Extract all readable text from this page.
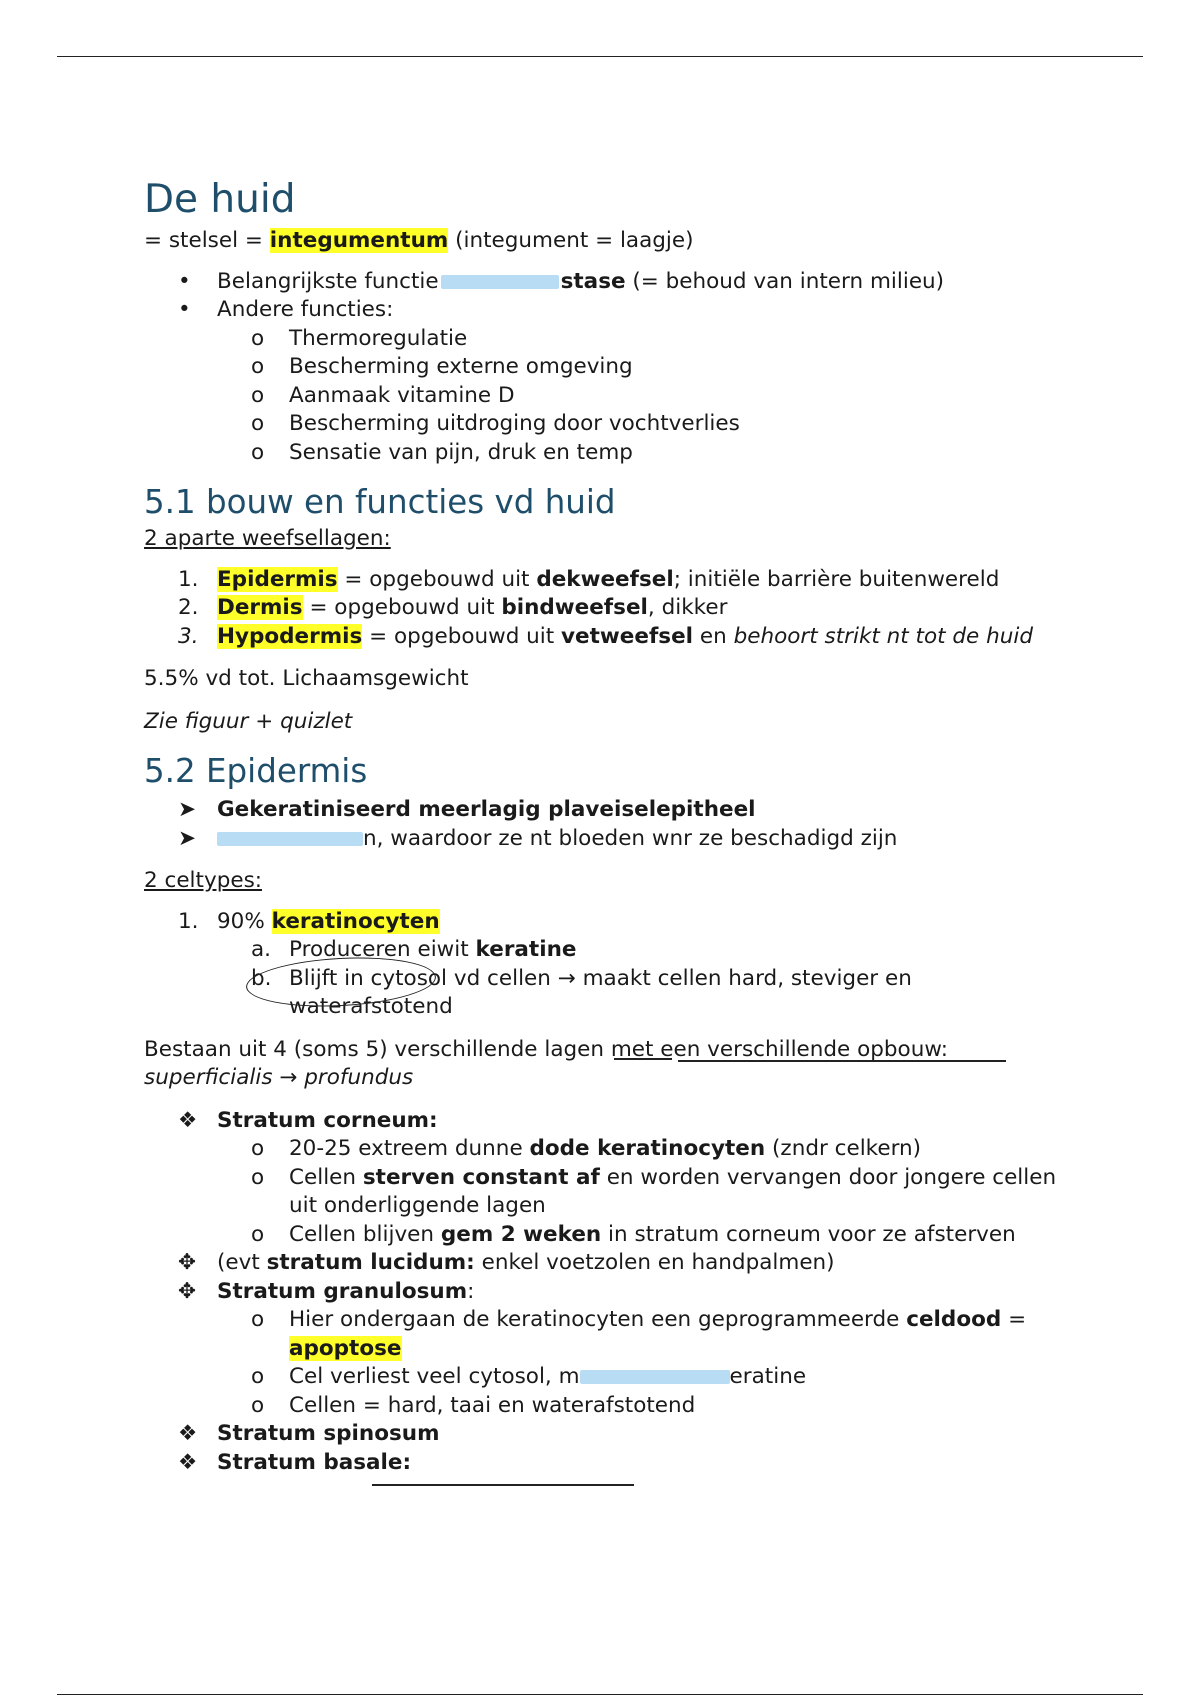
De huid

= stelsel = integumentum (integument = laagje)

•	Belangrijkste functie	stase (= behoud van intern milieu)
•	Andere functies:
o Thermoregulatie
o Bescherming externe omgeving
o Aanmaak vitamine D
o Bescherming uitdroging door vochtverlies
o Sensatie van pijn, druk en temp
5.1 bouw en functies vd huid

2 aparte weefsellagen:

1. Epidermis = opgebouwd uit dekweefsel; initiële barrière buitenwereld
2. Dermis = opgebouwd uit bindweefsel, dikker
3. Hypodermis = opgebouwd uit vetweefsel en behoort strikt nt tot de huid

5.5% vd tot. Lichaamsgewicht

Zie figuur + quizlet

5.2 Epidermis
➤ Gekeratiniseerd meerlagig plaveiselepitheel
➤	n, waardoor ze nt bloeden wnr ze beschadigd zijn

2 celtypes:

1. 90% keratinocyten
a. Produceren eiwit keratine
b. Blijft in cytosol vd cellen → maakt cellen hard, steviger en waterafstotend

Bestaan uit 4 (soms 5) verschillende lagen met een verschillende opbouw:
superficialis → profundus

❖ Stratum corneum:
o 20-25 extreem dunne dode keratinocyten (zndr celkern)
o Cellen sterven constant af en worden vervangen door jongere cellen uit onderliggende lagen
o Cellen blijven gem 2 weken in stratum corneum voor ze afsterven
✥ (evt stratum lucidum: enkel voetzolen en handpalmen)
✥ Stratum granulosum:
o Hier ondergaan de keratinocyten een geprogrammeerde celdood = apoptose
o Cel verliest veel cytosol, m	eratine
o Cellen = hard, taai en waterafstotend
❖ Stratum spinosum
❖ Stratum basale:
